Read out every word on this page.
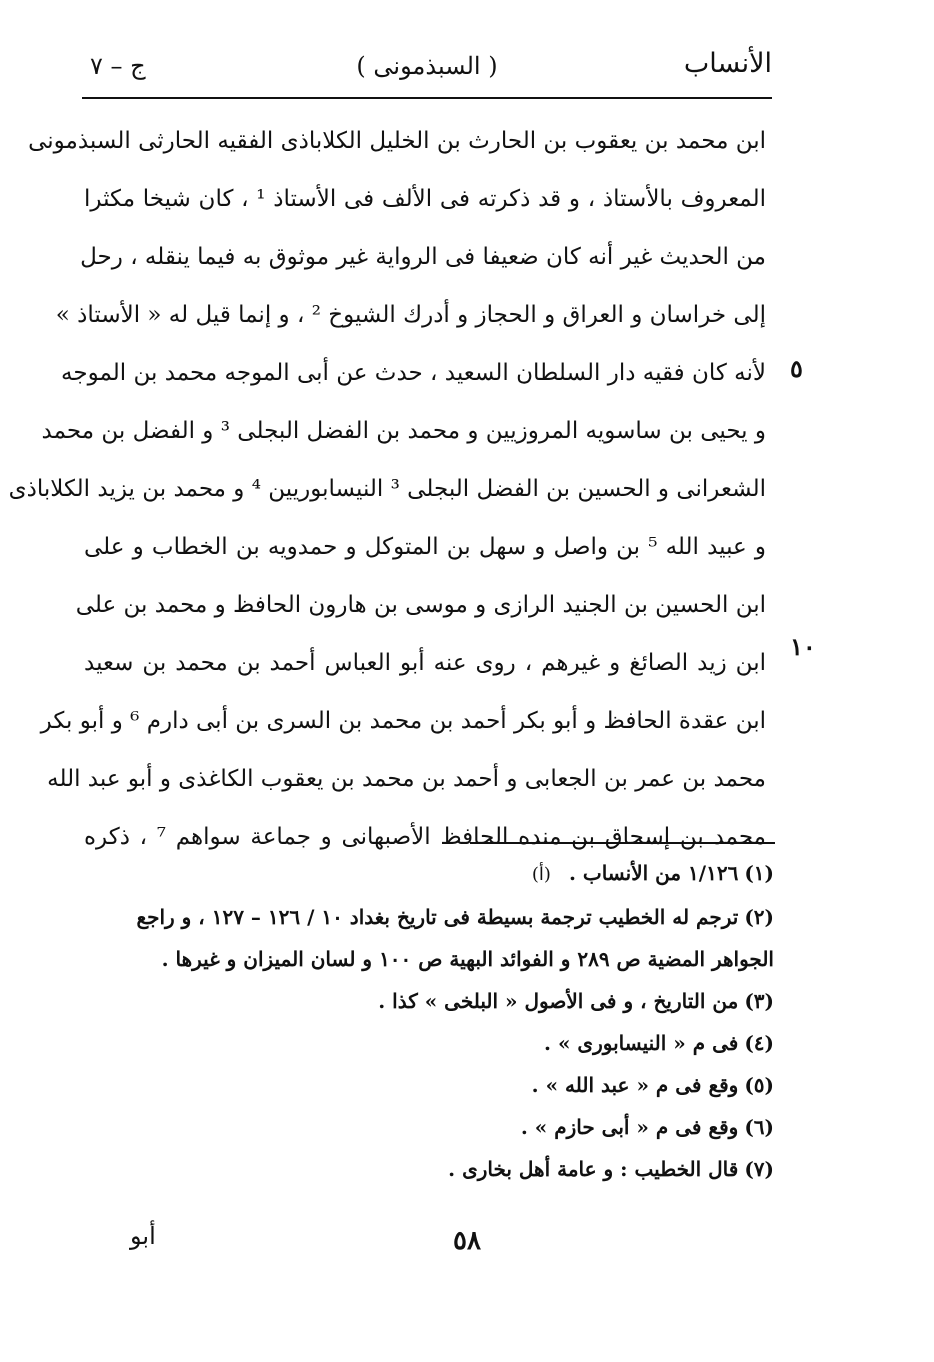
الأنساب
( السبذمونى )
ج – ٧
ابن محمد بن يعقوب بن الحارث بن الخليل الكلاباذى الفقيه الحارثى السبذمونى
المعروف بالأستاذ ، و قد ذكرته فى الألف فى الأستاذ ¹ ، كان شيخا مكثرا
من الحديث غير أنه كان ضعيفا فى الرواية غير موثوق به فيما ينقله ، رحل
إلى خراسان و العراق و الحجاز و أدرك الشيوخ ² ، و إنما قيل له « الأستاذ »
لأنه كان فقيه دار السلطان السعيد ، حدث عن أبى الموجه محمد بن الموجه
و يحيى بن ساسويه المروزيين و محمد بن الفضل البجلى ³ و الفضل بن محمد
الشعرانى و الحسين بن الفضل البجلى ³ النيسابوريين ⁴ و محمد بن يزيد الكلاباذى
و عبيد الله ⁵ بن واصل و سهل بن المتوكل و حمدويه بن الخطاب و على
ابن الحسين بن الجنيد الرازى و موسى بن هارون الحافظ و محمد بن على
ابن زيد الصائغ و غيرهم ، روى عنه أبو العباس أحمد بن محمد بن سعيد
ابن عقدة الحافظ و أبو بكر أحمد بن محمد بن السرى بن أبى دارم ⁶ و أبو بكر
محمد بن عمر بن الجعابى و أحمد بن محمد بن يعقوب الكاغذى و أبو عبد الله
محمد بن إسحاق بن منده الحافظ الأصبهانى و جماعة سواهم ⁷ ، ذكره
٥
١٠
(١)١/١٢٦ من الأنساب .(أ)
(٢)ترجم له الخطيب ترجمة بسيطة فى تاريخ بغداد ١٠ / ١٢٦ – ١٢٧ ، و راجع
الجواهر المضية ص ٢٨٩ و الفوائد البهية ص ١٠٠ و لسان الميزان و غيرها .
(٣)من التاريخ ، و فى الأصول « البلخى » كذا .
(٤)فى م « النيسابورى » .
(٥)وقع فى م « عبد الله » .
(٦)وقع فى م « أبى حازم » .
(٧)قال الخطيب : و عامة أهل بخارى .
٥٨
أبو
